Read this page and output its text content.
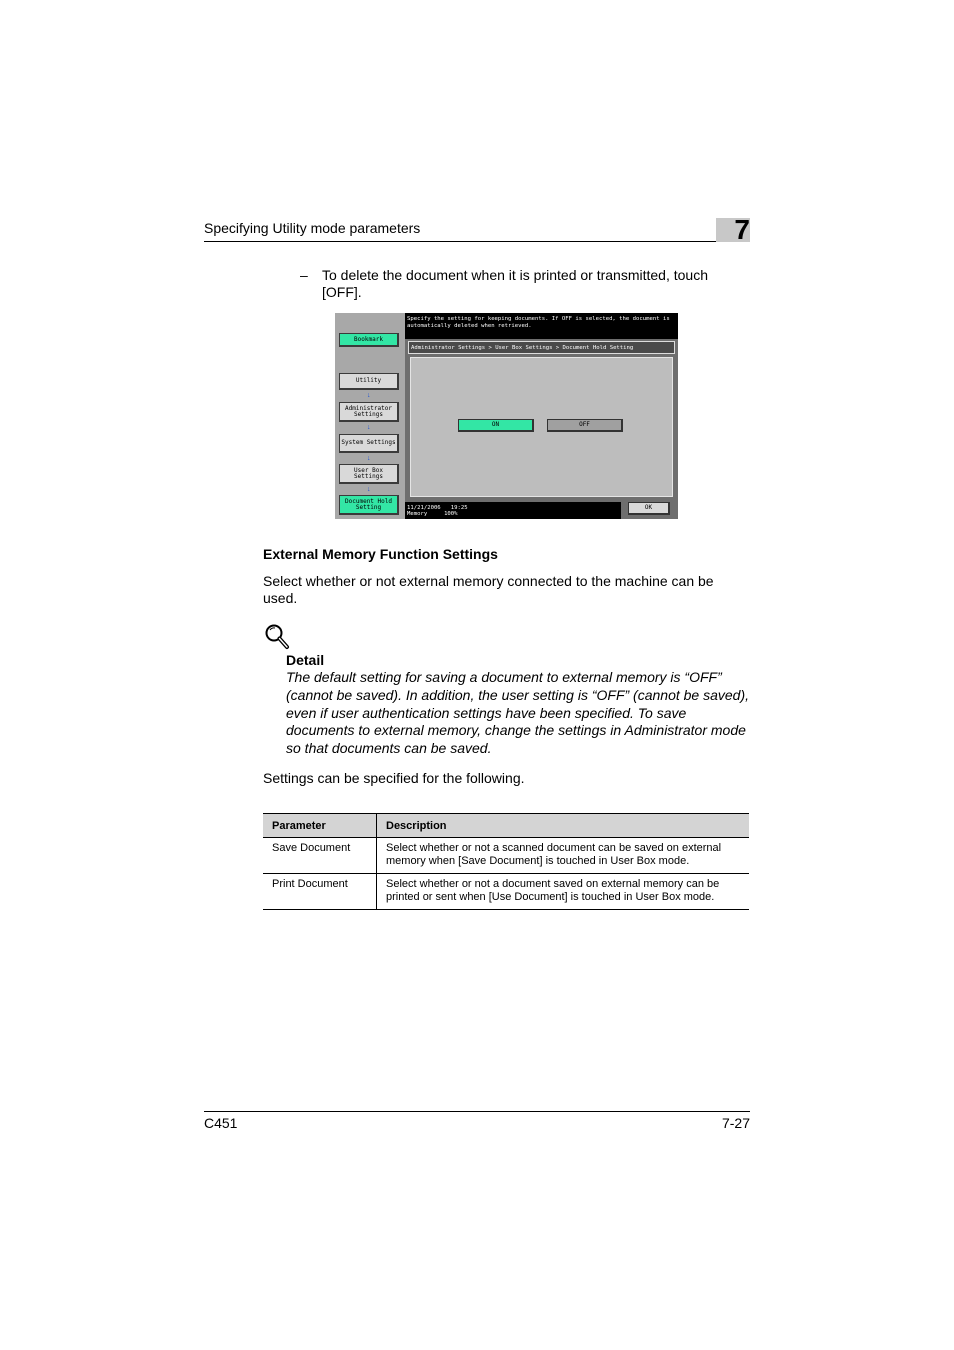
Specifying Utility mode parameters	7
– To delete the document when it is printed or transmitted, touch [OFF].
Bookmark
Utility
↓
Administrator Settings
↓
System Settings
↓
User Box Settings
↓
Document Hold Setting
Specify the setting for keeping documents. If OFF is selected, the document is automatically deleted when retrieved.
Administrator Settings > User Box Settings > Document Hold Setting
ON	OFF
11/21/2006 19:25
Memory	100%
OK
External Memory Function Settings
Select whether or not external memory connected to the machine can be used.
Detail
The default setting for saving a document to external memory is “OFF” (cannot be saved). In addition, the user setting is “OFF” (cannot be saved), even if user authentication settings have been specified. To save documents to external memory, change the settings in Administrator mode so that documents can be saved.
Settings can be specified for the following.
Parameter	Description
Save Document	Select whether or not a scanned document can be saved on external memory when [Save Document] is touched in User Box mode.
Print Document	Select whether or not a document saved on external memory can be printed or sent when [Use Document] is touched in User Box mode.
C451	7-27
